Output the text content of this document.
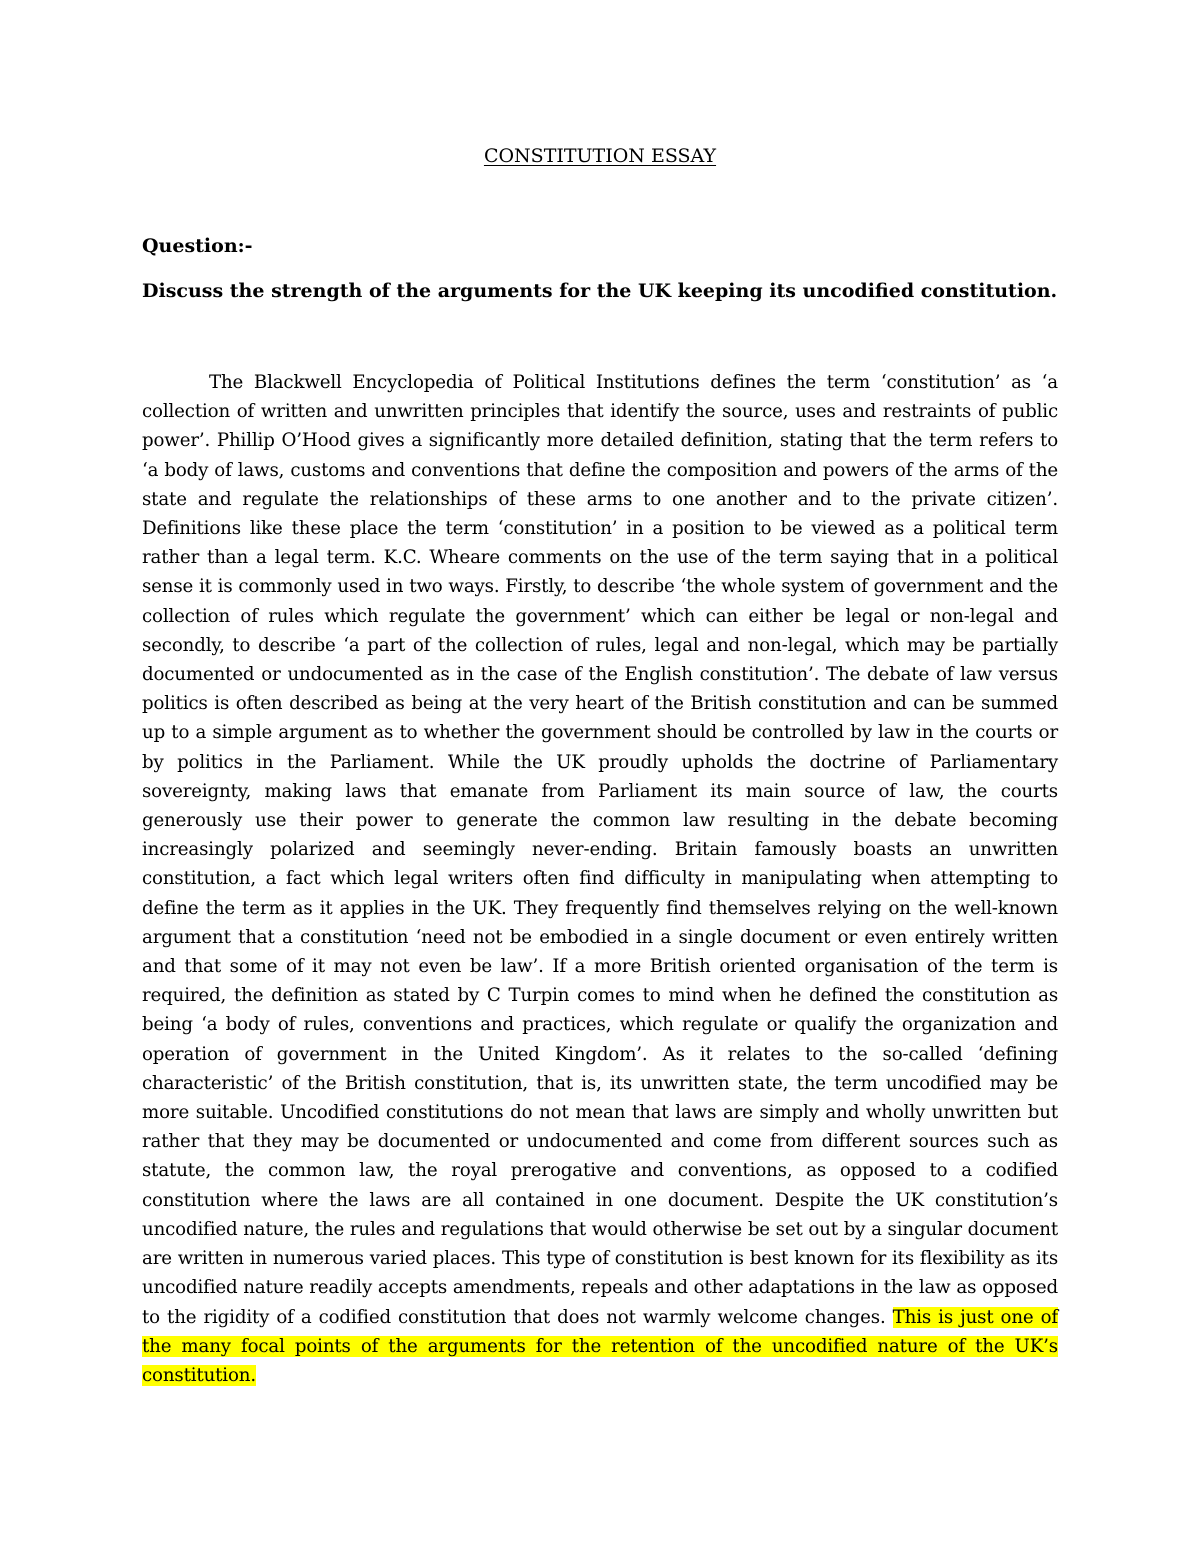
CONSTITUTION ESSAY

Question:-

Discuss the strength of the arguments for the UK keeping its uncodified constitution.

The Blackwell Encyclopedia of Political Institutions defines the term ‘constitution’ as ‘a collection of written and unwritten principles that identify the source, uses and restraints of public power’. Phillip O’Hood gives a significantly more detailed definition, stating that the term refers to ‘a body of laws, customs and conventions that define the composition and powers of the arms of the state and regulate the relationships of these arms to one another and to the private citizen’. Definitions like these place the term ‘constitution’ in a position to be viewed as a political term rather than a legal term. K.C. Wheare comments on the use of the term saying that in a political sense it is commonly used in two ways. Firstly, to describe ‘the whole system of government and the collection of rules which regulate the government’ which can either be legal or non-legal and secondly, to describe ‘a part of the collection of rules, legal and non-legal, which may be partially documented or undocumented as in the case of the English constitution’. The debate of law versus politics is often described as being at the very heart of the British constitution and can be summed up to a simple argument as to whether the government should be controlled by law in the courts or by politics in the Parliament. While the UK proudly upholds the doctrine of Parliamentary sovereignty, making laws that emanate from Parliament its main source of law, the courts generously use their power to generate the common law resulting in the debate becoming increasingly polarized and seemingly never-ending. Britain famously boasts an unwritten constitution, a fact which legal writers often find difficulty in manipulating when attempting to define the term as it applies in the UK. They frequently find themselves relying on the well-known argument that a constitution ‘need not be embodied in a single document or even entirely written and that some of it may not even be law’. If a more British oriented organisation of the term is required, the definition as stated by C Turpin comes to mind when he defined the constitution as being ‘a body of rules, conventions and practices, which regulate or qualify the organization and operation of government in the United Kingdom’. As it relates to the so-called ‘defining characteristic’ of the British constitution, that is, its unwritten state, the term uncodified may be more suitable. Uncodified constitutions do not mean that laws are simply and wholly unwritten but rather that they may be documented or undocumented and come from different sources such as statute, the common law, the royal prerogative and conventions, as opposed to a codified constitution where the laws are all contained in one document. Despite the UK constitution’s uncodified nature, the rules and regulations that would otherwise be set out by a singular document are written in numerous varied places. This type of constitution is best known for its flexibility as its uncodified nature readily accepts amendments, repeals and other adaptations in the law as opposed to the rigidity of a codified constitution that does not warmly welcome changes. This is just one of the many focal points of the arguments for the retention of the uncodified nature of the UK’s constitution.
